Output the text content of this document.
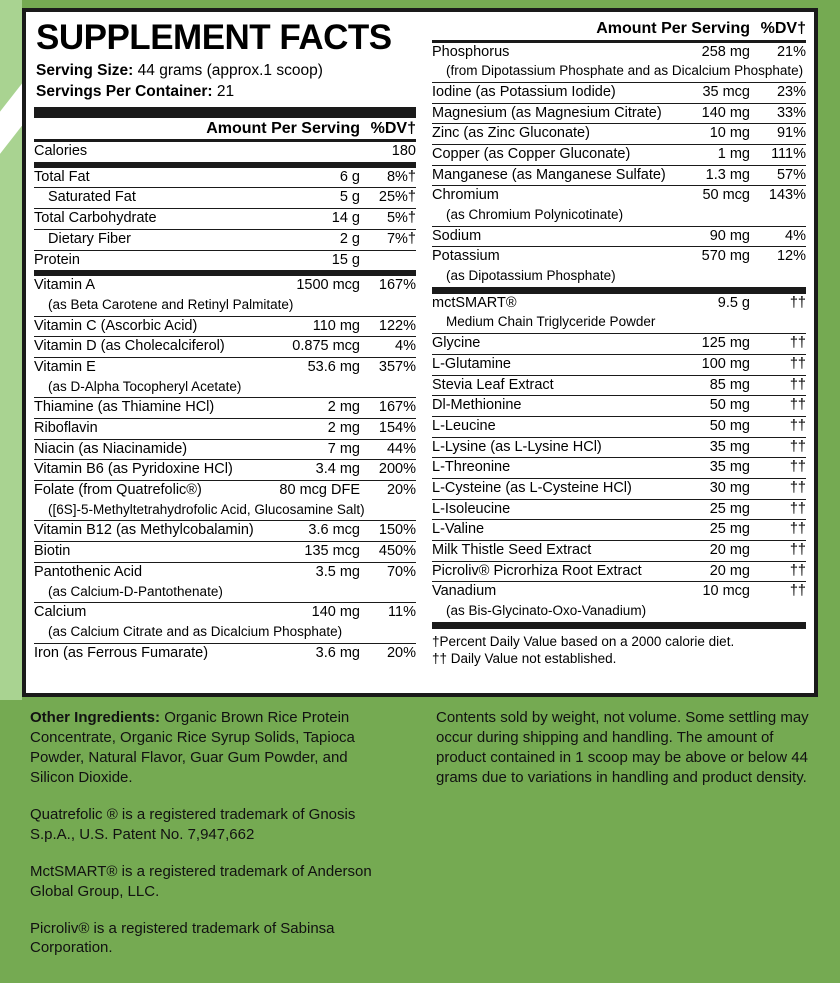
SUPPLEMENT FACTS
Serving Size: 44 grams (approx.1 scoop)
Servings Per Container: 21
Amount Per Serving	%DV†
Calories	180
Total Fat	6 g	8%†
Saturated Fat	5 g	25%†
Total Carbohydrate	14 g	5%†
Dietary Fiber	2 g	7%†
Protein	15 g	
Vitamin A	1500 mcg	167%
(as Beta Carotene and Retinyl Palmitate)		
Vitamin C (Ascorbic Acid)	110 mg	122%
Vitamin D (as Cholecalciferol)	0.875 mcg	4%
Vitamin E	53.6 mg	357%
(as D-Alpha Tocopheryl Acetate)		
Thiamine (as Thiamine HCl)	2 mg	167%
Riboflavin	2 mg	154%
Niacin (as Niacinamide)	7 mg	44%
Vitamin B6 (as Pyridoxine HCl)	3.4 mg	200%
Folate (from Quatrefolic®)	80 mcg DFE	20%
([6S]-5-Methyltetrahydrofolic Acid, Glucosamine Salt)		
Vitamin B12 (as Methylcobalamin)	3.6 mcg	150%
Biotin	135 mcg	450%
Pantothenic Acid	3.5 mg	70%
(as Calcium-D-Pantothenate)		
Calcium	140 mg	11%
(as Calcium Citrate and as Dicalcium Phosphate)		
Iron (as Ferrous Fumarate)	3.6 mg	20%
Amount Per Serving	%DV†
Phosphorus	258 mg	21%
(from Dipotassium Phosphate and as Dicalcium Phosphate)		
Iodine (as Potassium Iodide)	35 mcg	23%
Magnesium (as Magnesium Citrate)	140 mg	33%
Zinc (as Zinc Gluconate)	10 mg	91%
Copper (as Copper Gluconate)	1 mg	111%
Manganese (as Manganese Sulfate)	1.3 mg	57%
Chromium	50 mcg	143%
(as Chromium Polynicotinate)		
Sodium	90 mg	4%
Potassium	570 mg	12%
(as Dipotassium Phosphate)		
mctSMART®	9.5 g	††
Medium Chain Triglyceride Powder		
Glycine	125 mg	††
L-Glutamine	100 mg	††
Stevia Leaf Extract	85 mg	††
Dl-Methionine	50 mg	††
L-Leucine	50 mg	††
L-Lysine (as L-Lysine HCl)	35 mg	††
L-Threonine	35 mg	††
L-Cysteine (as L-Cysteine HCl)	30 mg	††
L-Isoleucine	25 mg	††
L-Valine	25 mg	††
Milk Thistle Seed Extract	20 mg	††
Picroliv® Picrorhiza Root Extract	20 mg	††
Vanadium	10 mcg	††
(as Bis-Glycinato-Oxo-Vanadium)		
†Percent Daily Value based on a 2000 calorie diet.
†† Daily Value not established.

Other Ingredients: Organic Brown Rice Protein Concentrate, Organic Rice Syrup Solids, Tapioca Powder, Natural Flavor, Guar Gum Powder, and Silicon Dioxide.

Quatrefolic ® is a registered trademark of Gnosis S.p.A., U.S. Patent No. 7,947,662

MctSMART® is a registered trademark of Anderson Global Group, LLC.

Picroliv® is a registered trademark of Sabinsa Corporation.

Contents sold by weight, not volume. Some settling may occur during shipping and handling. The amount of product contained in 1 scoop may be above or below 44 grams due to variations in handling and product density.
